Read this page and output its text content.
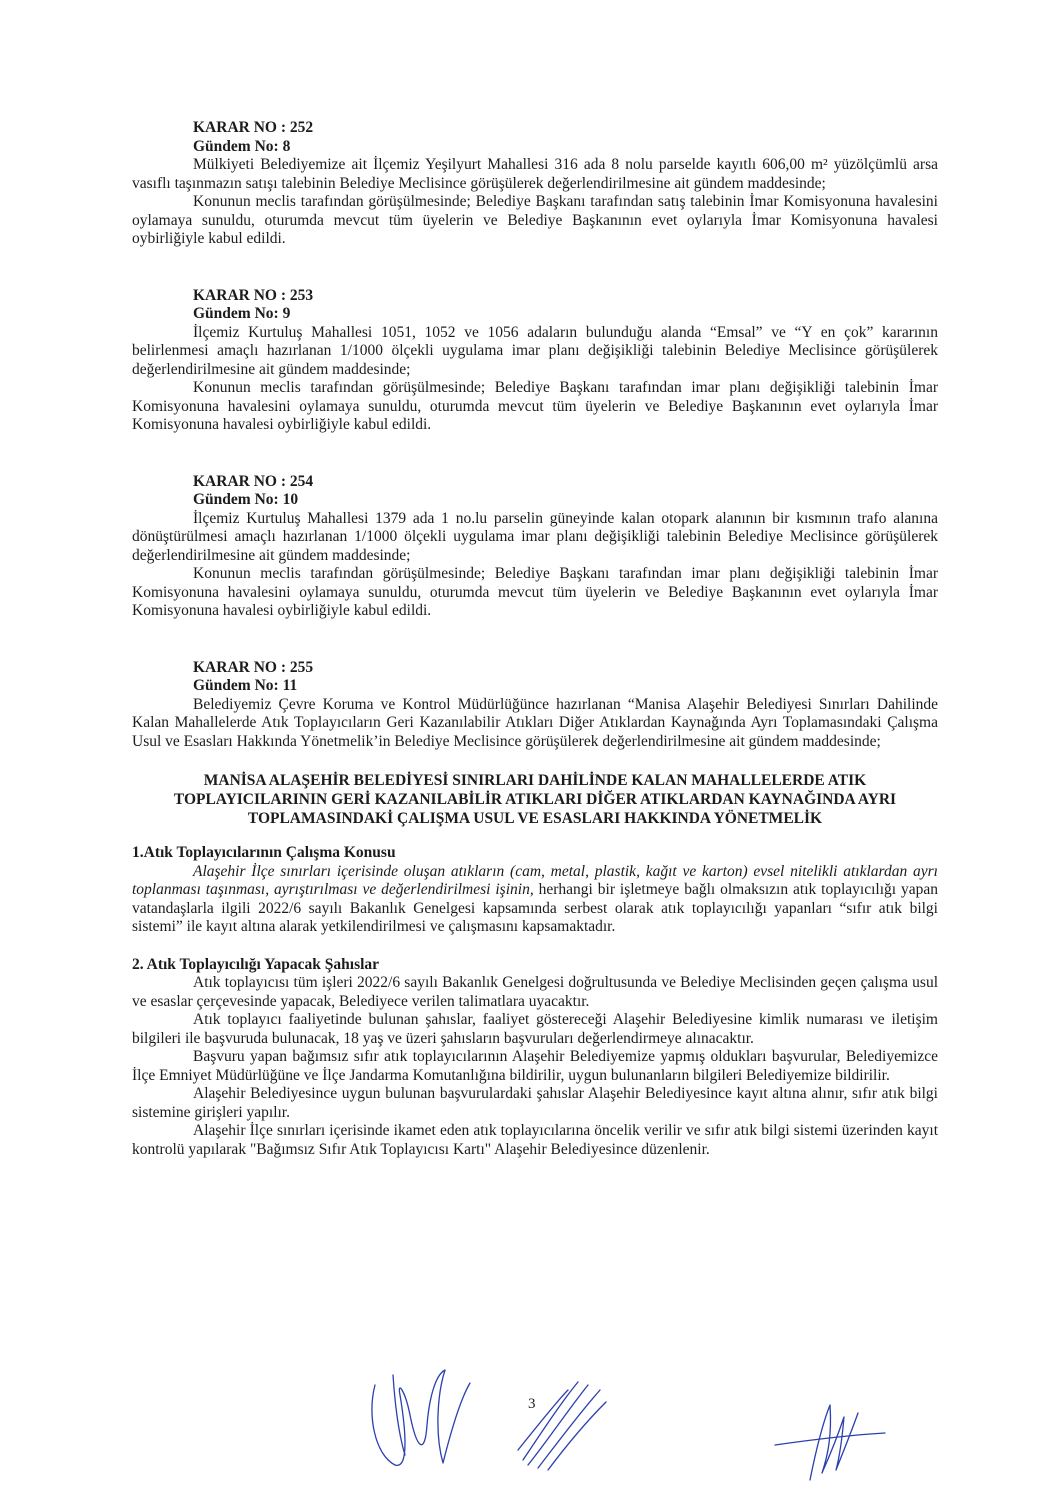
KARAR NO : 252
Gündem No: 8

Mülkiyeti Belediyemize ait İlçemiz Yeşilyurt Mahallesi 316 ada 8 nolu parselde kayıtlı 606,00 m² yüzölçümlü arsa vasıflı taşınmazın satışı talebinin Belediye Meclisince görüşülerek değerlendirilmesine ait gündem maddesinde;

Konunun meclis tarafından görüşülmesinde; Belediye Başkanı tarafından satış talebinin İmar Komisyonuna havalesini oylamaya sunuldu, oturumda mevcut tüm üyelerin ve Belediye Başkanının evet oylarıyla İmar Komisyonuna havalesi oybirliğiyle kabul edildi.

KARAR NO : 253
Gündem No: 9

İlçemiz Kurtuluş Mahallesi 1051, 1052 ve 1056 adaların bulunduğu alanda “Emsal” ve “Y en çok” kararının belirlenmesi amaçlı hazırlanan 1/1000 ölçekli uygulama imar planı değişikliği talebinin Belediye Meclisince görüşülerek değerlendirilmesine ait gündem maddesinde;

Konunun meclis tarafından görüşülmesinde; Belediye Başkanı tarafından imar planı değişikliği talebinin İmar Komisyonuna havalesini oylamaya sunuldu, oturumda mevcut tüm üyelerin ve Belediye Başkanının evet oylarıyla İmar Komisyonuna havalesi oybirliğiyle kabul edildi.

KARAR NO : 254
Gündem No: 10

İlçemiz Kurtuluş Mahallesi 1379 ada 1 no.lu parselin güneyinde kalan otopark alanının bir kısmının trafo alanına dönüştürülmesi amaçlı hazırlanan 1/1000 ölçekli uygulama imar planı değişikliği talebinin Belediye Meclisince görüşülerek değerlendirilmesine ait gündem maddesinde;

Konunun meclis tarafından görüşülmesinde; Belediye Başkanı tarafından imar planı değişikliği talebinin İmar Komisyonuna havalesini oylamaya sunuldu, oturumda mevcut tüm üyelerin ve Belediye Başkanının evet oylarıyla İmar Komisyonuna havalesi oybirliğiyle kabul edildi.

KARAR NO : 255
Gündem No: 11

Belediyemiz Çevre Koruma ve Kontrol Müdürlüğünce hazırlanan “Manisa Alaşehir Belediyesi Sınırları Dahilinde Kalan Mahallelerde Atık Toplayıcıların Geri Kazanılabilir Atıkları Diğer Atıklardan Kaynağında Ayrı Toplamasındaki Çalışma Usul ve Esasları Hakkında Yönetmelik’in Belediye Meclisince görüşülerek değerlendirilmesine ait gündem maddesinde;

MANİSA ALAŞEHİR BELEDİYESİ SINIRLARI DAHİLİNDE KALAN MAHALLELERDE ATIK TOPLAYICILARININ GERİ KAZANILABİLİR ATIKLARI DİĞER ATIKLARDAN KAYNAĞINDA AYRI TOPLAMASINDAKİ ÇALIŞMA USUL VE ESASLARI HAKKINDA YÖNETMELİK
1.Atık Toplayıcılarının Çalışma Konusu

Alaşehir İlçe sınırları içerisinde oluşan atıkların (cam, metal, plastik, kağıt ve karton) evsel nitelikli atıklardan ayrı toplanması taşınması, ayrıştırılması ve değerlendirilmesi işinin, herhangi bir işletmeye bağlı olmaksızın atık toplayıcılığı yapan vatandaşlarla ilgili 2022/6 sayılı Bakanlık Genelgesi kapsamında serbest olarak atık toplayıcılığı yapanları “sıfır atık bilgi sistemi” ile kayıt altına alarak yetkilendirilmesi ve çalışmasını kapsamaktadır.

2. Atık Toplayıcılığı Yapacak Şahıslar

Atık toplayıcısı tüm işleri 2022/6 sayılı Bakanlık Genelgesi doğrultusunda ve Belediye Meclisinden geçen çalışma usul ve esaslar çerçevesinde yapacak, Belediyece verilen talimatlara uyacaktır.

Atık toplayıcı faaliyetinde bulunan şahıslar, faaliyet göstereceği Alaşehir Belediyesine kimlik numarası ve iletişim bilgileri ile başvuruda bulunacak, 18 yaş ve üzeri şahısların başvuruları değerlendirmeye alınacaktır.

Başvuru yapan bağımsız sıfır atık toplayıcılarının Alaşehir Belediyemize yapmış oldukları başvurular, Belediyemizce İlçe Emniyet Müdürlüğüne ve İlçe Jandarma Komutanlığına bildirilir, uygun bulunanların bilgileri Belediyemize bildirilir.

Alaşehir Belediyesince uygun bulunan başvurulardaki şahıslar Alaşehir Belediyesince kayıt altına alınır, sıfır atık bilgi sistemine girişleri yapılır.

Alaşehir İlçe sınırları içerisinde ikamet eden atık toplayıcılarına öncelik verilir ve sıfır atık bilgi sistemi üzerinden kayıt kontrolü yapılarak "Bağımsız Sıfır Atık Toplayıcısı Kartı" Alaşehir Belediyesince düzenlenir.

3
